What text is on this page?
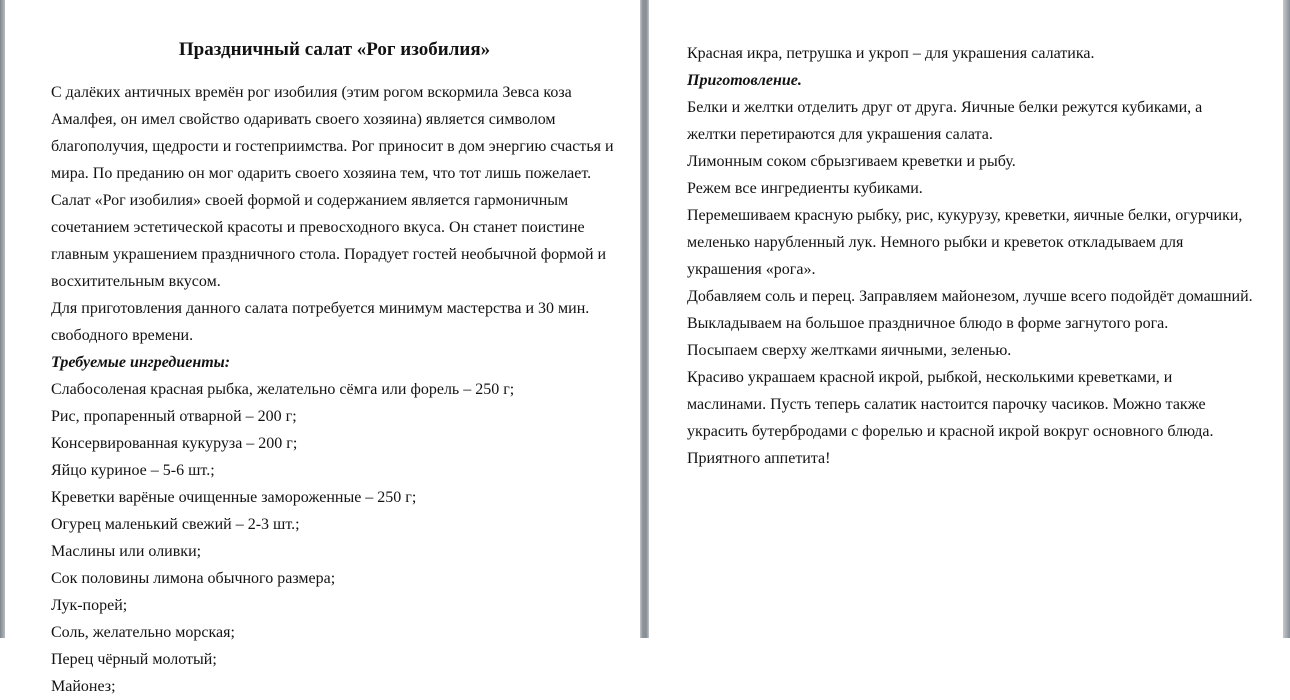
Праздничный салат «Рог изобилия»

С далёких античных времён рог изобилия (этим рогом вскормила Зевса коза Амалфея, он имел свойство одаривать своего хозяина) является символом благополучия, щедрости и гостеприимства. Рог приносит в дом энергию счастья и мира. По преданию он мог одарить своего хозяина тем, что тот лишь пожелает.

Салат «Рог изобилия» своей формой и содержанием является гармоничным сочетанием эстетической красоты и превосходного вкуса. Он станет поистине главным украшением праздничного стола. Порадует гостей необычной формой и восхитительным вкусом.

Для приготовления данного салата потребуется минимум мастерства и 30 мин. свободного времени.

Требуемые ингредиенты:

Слабосоленая красная рыбка, желательно сёмга или форель – 250 г;

Рис, пропаренный отварной – 200 г;

Консервированная кукуруза – 200 г;

Яйцо куриное – 5-6 шт.;

Креветки варёные очищенные замороженные – 250 г;

Огурец маленький свежий – 2-3 шт.;

Маслины или оливки;

Сок половины лимона обычного размера;

Лук-порей;

Соль, желательно морская;

Перец чёрный молотый;

Майонез;

Красная икра, петрушка и укроп – для украшения салатика.

Приготовление.

Белки и желтки отделить друг от друга. Яичные белки режутся кубиками, а желтки перетираются для украшения салата.

Лимонным соком сбрызгиваем креветки и рыбу.

Режем все ингредиенты кубиками.

Перемешиваем красную рыбку, рис, кукурузу, креветки, яичные белки, огурчики, меленько нарубленный лук. Немного рыбки и креветок откладываем для украшения «рога».

Добавляем соль и перец. Заправляем майонезом, лучше всего подойдёт домашний.

Выкладываем на большое праздничное блюдо в форме загнутого рога.

Посыпаем сверху желтками яичными, зеленью.

Красиво украшаем красной икрой, рыбкой, несколькими креветками, и маслинами. Пусть теперь салатик настоится парочку часиков. Можно также украсить бутербродами с форелью и красной икрой вокруг основного блюда.

Приятного аппетита!
